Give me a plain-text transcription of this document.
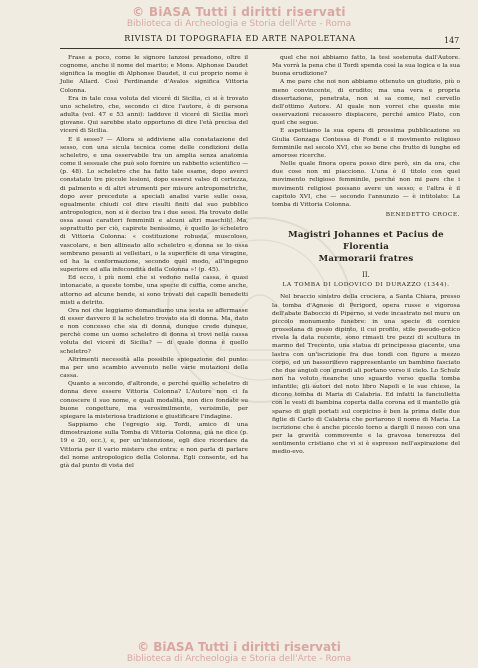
© BiASA Tutti i diritti riservati
Biblioteca di Archeologia e Storia dell'Arte - Roma
RIVISTA DI TOPOGRAFIA ED ARTE NAPOLETANA	147

Frase a poco, come le signore lanzosi preadono, oltre il cognome, anche il nome del marito; e Mons. Alphonse Daudet significa la moglie di Alphonse Daudet, il cui proprio nome è Julie Allard. Così Ferdinande d'Avalos significa Vittoria Colonna.

Era in tale cosa voluta del viceré di Sicilia, ci si è trovato uno scheletro, che, secondo ci dice l'autore, è di persona adulta (vol. 47 e 53 anni): laddove il viceré di Sicilia morì giovane. Qui sarebbe stato opportuno di dire l'età precisa del viceré di Sicilia.

E il sesso? — Allora si addiviene alla constatazione del sesso, con una sicula tecnica come delle condizioni della scheletro, e una osservabile tra un amplia senza anatomia come il sessuale che può solo fornire un rabbetto scientifico — (p. 48). Lo scheletro che ha fatto tale esame, dopo averci constatato tre piccole lesioni, dopo essersi valso di certezza, di palmento e di altri strumenti per misure antropometriche, dopo aver precedute a speciali analisi varie sulle ossa, egualmente chiudi col dire risulti finiti dal suo pubblico antropologico, non si è deciso tra i due sessi. Ha trovato delle ossa assai caratteri femminili e alcuni altri maschili! Ma, soprattutto per ciò, capirete benissimo, è quello lo scheletro di Vittoria Colonna: « costituzione robusta, muscoloso, vascolare, e ben allineato allo scheletro e donna se lo ossa sembrano pesanti ai velleitari, o la superficie di una viragine, ed ha la conformazione, secondo quel modo, all'ingegno superiore ed alla infecondità della Colonna »! (p. 45).

Ed ecco, i più nomi che si vedono nella cassa, è quasi intonacate, a queste tombe, una specie di cuffia, come anche, attorno ad alcune bende, si sono trovati dei capelli benedetti misti a detrito.

Ora noi che leggiamo domandiamo una sesta se affermasse di esser davvero il la scheletro trovato sia di donna. Ma, dato e non concesso che sia di donna, dunque crede dunque, perchè come un uomo scheletro di donna si trovi nella cassa voluta del viceré di Sicilia? — di quale donna è quello scheletro?

Altrimenti necessità alla possibile spiegazione del punto: ma per uno scambio avvenuto nelle varie mutazioni della cassa.

Quanto a secondo, d'altronde, e perché quello scheletro di donna deve essere Vittoria Colonna? L'Autore non ci fa conoscere il suo nome, e quali modalità, non dico fondate su buone congetture, ma verosimilmente, verisimile, per spiegare la misteriosa tradizione e giustificare l'indagine.

Sappiamo che l'egregio sig. Tordi, amico di una dimostrazione sulla Tomba di Vittoria Colonna, già ne dice (p. 19 e 20, ecc.), e, per un'intenzione, egli dice ricordare da Vittoria per il vario mistero che entra; e non parla di parlare del nome antropologico della Colonna. Egli consente, ed ha già dal punto di vista del

quel che noi abbiamo fatto, la tesi sostenuta dall'Autore. Ma vorrà la pena che il Tordi spenda così la sua logica e la sua buona erudizione?

A me pare che noi non abbiamo ottenuto un giudizio, più o meno convincente, di erudito; ma una vera e propria dissertazione, penetrata, non si sa come, nel cervello dell'ottimo Autore. Al quale non vorrei che queste mie osservazioni recassero dispiacere, perché amico Plato, con quel che segue.

E aspettiamo la sua opera di prossima pubblicazione su Giulia Gonzaga Contessa di Fondi e il movimento religioso femminile nel secolo XVI, che so bene che frutto di lunghe ed amorose ricerche.

Nelle quale finora opera posso dire però, sin da ora, che due cose non mi piacciono. L'una è il titolo con quel movimento religioso femminile, perché non mi pare che i movimenti religiosi possano avere un sesso; e l'altra è il capitolo XVI, che — secondo l'annunzio — è intitolato: La tomba di Vittoria Colonna.

BENEDETTO CROCE.
Magistri Johannes et Pacius de Florentia
Marmorarii fratres
II.
LA TOMBA DI LODOVICO DI DURAZZO (1344).

Nel braccio sinistro della crociera, a Santa Chiara, presso la tomba d'Agnese di Perigord, opera russe e vigorosa dell'abate Baboccio di Piperno, si vede incastrato nel muro un piccolo monumento funebre: in una specie di cornice grossolana di gesso dipinto, il cui profilo, stile pseudo-gotico rivela la data recente, sono rimasti tre pezzi di scultura in marmo del Trecento, una statua di principessa giacente, una lastra con un'iscrizione fra due tondi con figure a mezzo corpo, ed un bassorilievo rappresentante un bambino fasciato che due angioli con grandi ali portano verso il cielo. Lo Schulz non ha voluto neanche uno sguardo verso quella tomba infantile; gli autori del noto libro Napoli e le sue chiese, la dicono tomba di Maria di Calabria. Ed infatti la fanciulletta con le vesti di bambina coperta dalla corona ed il mantello già sparso di gigli portati sul corpicino è ben la prima delle due figlie di Carlo di Calabria che portarono il nome di Maria. La iscrizione che è anche piccolo torno a dargli il nesso con una per la gravità commovente e la gravosa tenerezza del sentimento cristiano che vi si è espresso nell'aspirazione del medio-evo.

© BiASA Tutti i diritti riservati
Biblioteca di Archeologia e Storia dell'Arte - Roma
